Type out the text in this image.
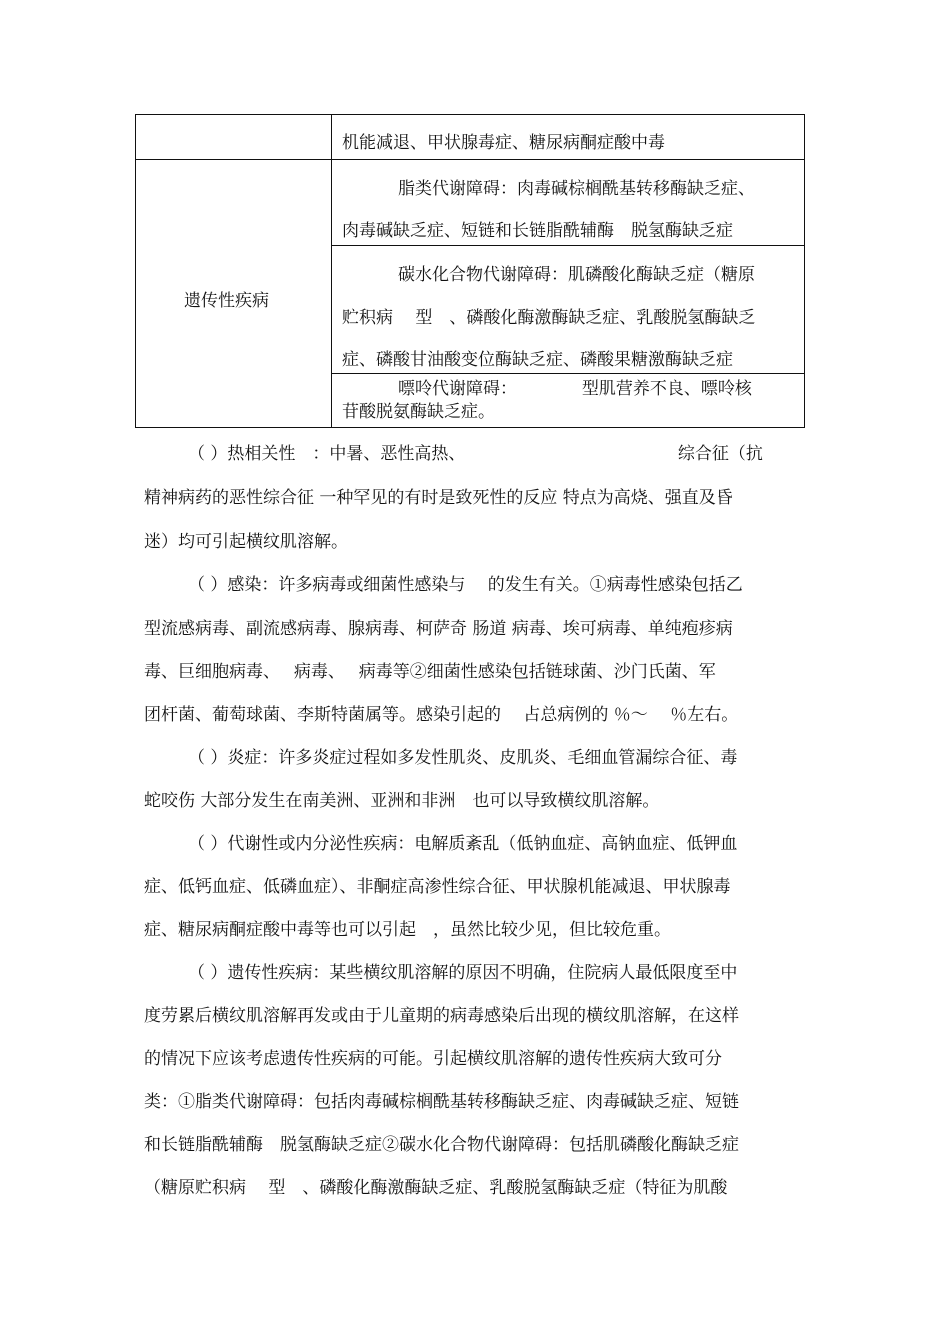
机能减退、甲状腺毒症、糖尿病酮症酸中毒
遗传性疾病
脂类代谢障碍：肉毒碱棕榈酰基转移酶缺乏症、
肉毒碱缺乏症、短链和长链脂酰辅酶　脱氢酶缺乏症
碳水化合物代谢障碍：肌磷酸化酶缺乏症（糖原
贮积病　 型　、磷酸化酶激酶缺乏症、乳酸脱氢酶缺乏
症、磷酸甘油酸变位酶缺乏症、磷酸果糖激酶缺乏症
嘌呤代谢障碍：　　　　 型肌营养不良、嘌呤核
苷酸脱氨酶缺乏症。
（ ）热相关性　：中暑、恶性高热、　　　　　　　　　　　　　综合征（抗
精神病药的恶性综合征 一种罕见的有时是致死性的反应 特点为高烧、强直及昏
迷）均可引起横纹肌溶解。
（ ）感染：许多病毒或细菌性感染与　 的发生有关。①病毒性感染包括乙
型流感病毒、副流感病毒、腺病毒、柯萨奇 肠道 病毒、埃可病毒、单纯疱疹病
毒、巨细胞病毒、　 病毒、　 病毒等②细菌性感染包括链球菌、沙门氏菌、军
团杆菌、葡萄球菌、李斯特菌属等。感染引起的　 占总病例的 ％～　 ％左右。
（ ）炎症：许多炎症过程如多发性肌炎、皮肌炎、毛细血管漏综合征、毒
蛇咬伤 大部分发生在南美洲、亚洲和非洲　也可以导致横纹肌溶解。
（ ）代谢性或内分泌性疾病：电解质紊乱（低钠血症、高钠血症、低钾血
症、低钙血症、低磷血症）、非酮症高渗性综合征、甲状腺机能减退、甲状腺毒
症、糖尿病酮症酸中毒等也可以引起　，虽然比较少见，但比较危重。
（ ）遗传性疾病：某些横纹肌溶解的原因不明确，住院病人最低限度至中
度劳累后横纹肌溶解再发或由于儿童期的病毒感染后出现的横纹肌溶解，在这样
的情况下应该考虑遗传性疾病的可能。引起横纹肌溶解的遗传性疾病大致可分
类：①脂类代谢障碍：包括肉毒碱棕榈酰基转移酶缺乏症、肉毒碱缺乏症、短链
和长链脂酰辅酶　脱氢酶缺乏症②碳水化合物代谢障碍：包括肌磷酸化酶缺乏症
（糖原贮积病　 型　、磷酸化酶激酶缺乏症、乳酸脱氢酶缺乏症（特征为肌酸
